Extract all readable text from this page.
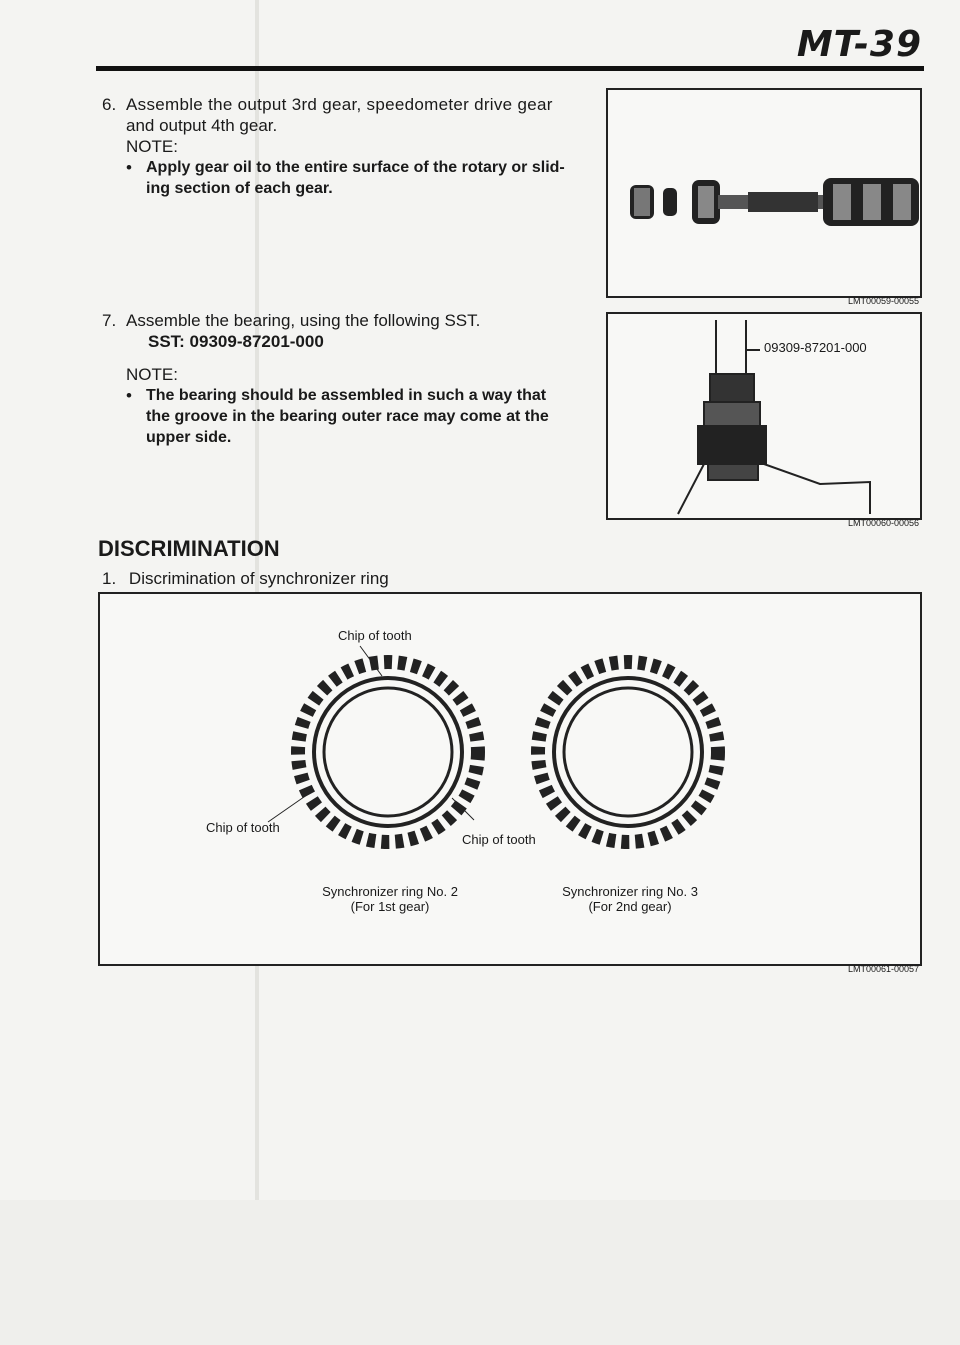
MT-39
6. Assemble the output 3rd gear, speedometer drive gear
and output 4th gear.
NOTE:
Apply gear oil to the entire surface of the rotary or slid-
ing section of each gear.
LMT00059-00055
7. Assemble the bearing, using the following SST.
SST: 09309-87201-000
NOTE:
The bearing should be assembled in such a way that
the groove in the bearing outer race may come at the
upper side.
09309-87201-000
LMT00060-00056
DISCRIMINATION
1. Discrimination of synchronizer ring
Chip of tooth
Chip of tooth
Chip of tooth
Synchronizer ring No. 2
(For 1st gear)
Synchronizer ring No. 3
(For 2nd gear)
LMT00061-00057
